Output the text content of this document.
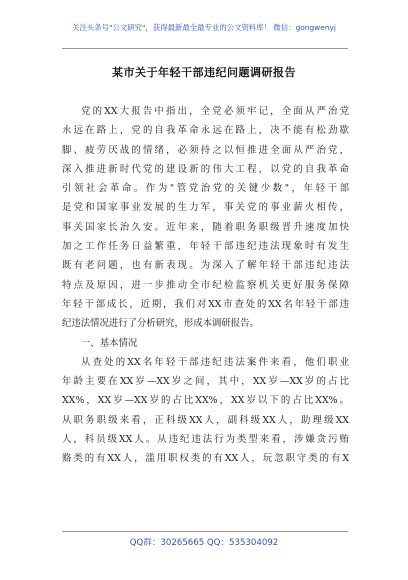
关注头条号"公文研究"，获得最新最全最专业的公文资料库！ 微信：gongwenyj
某市关于年轻干部违纪问题调研报告
党的XX大报告中指出，全党必须牢记，全面从严治党
永远在路上，党的自我革命永远在路上，决不能有松劲歇
脚、疲劳厌战的情绪，必须持之以恒推进全面从严治党，
深入推进新时代党的建设新的伟大工程，以党的自我革命
引领社会革命。作为"管党治党的关键少数"，年轻干部
是党和国家事业发展的生力军，事关党的事业薪火相传，
事关国家长治久安。近年来，随着职务职级晋升速度加快
加之工作任务日益繁重，年轻干部违纪违法现象时有发生
既有老问题，也有新表现。为深入了解年轻干部违纪违法
特点及原因，进一步推动全市纪检监察机关更好服务保障
年轻干部成长，近期，我们对XX市查处的XX名年轻干部违
纪违法情况进行了分析研究，形成本调研报告。
一、基本情况
从查处的XX名年轻干部违纪违法案件来看，他们职业
年龄主要在XX岁—XX岁之间，其中，XX岁—XX岁的占比
XX%，XX岁—XX岁的占比XX%，XX岁以下的占比XX%。
从职务职级来看，正科级XX人，副科级XX人，助理级XX
人，科员级XX人。从违纪违法行为类型来看，涉嫌贪污贿
赂类的有XX人，滥用职权类的有XX人，玩忽职守类的有X
QQ群：30265665 QQ：535304092
